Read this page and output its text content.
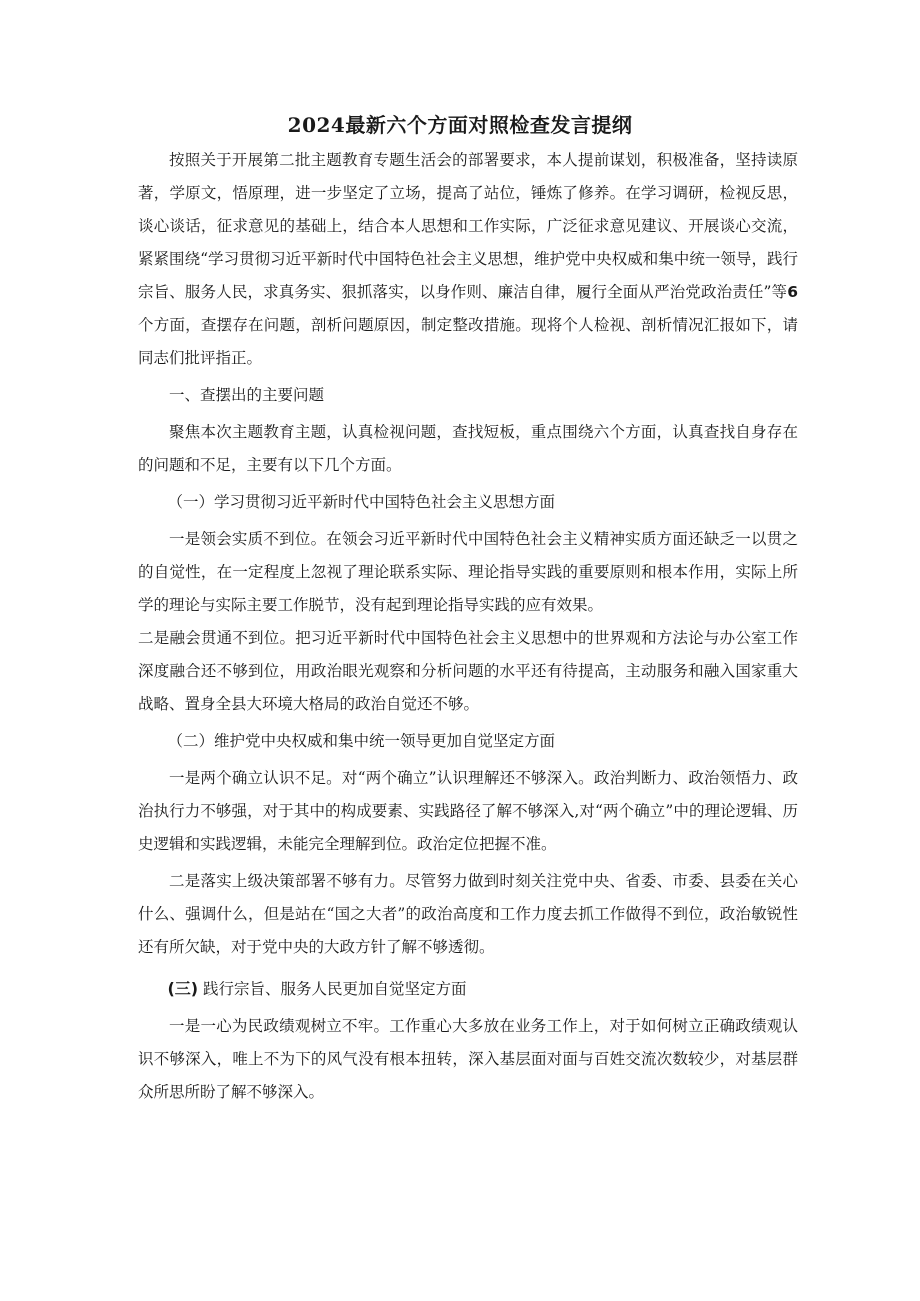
2024最新六个方面对照检查发言提纲

按照关于开展第二批主题教育专题生活会的部署要求，本人提前谋划，积极准备，坚持读原著，学原文，悟原理，进一步坚定了立场，提高了站位，锤炼了修养。在学习调研，检视反思，谈心谈话，征求意见的基础上，结合本人思想和工作实际，广泛征求意见建议、开展谈心交流，紧紧围绕“学习贯彻习近平新时代中国特色社会主义思想，维护党中央权威和集中统一领导，践行宗旨、服务人民，求真务实、狠抓落实，以身作则、廉洁自律，履行全面从严治党政治责任”等6个方面，查摆存在问题，剖析问题原因，制定整改措施。现将个人检视、剖析情况汇报如下，请同志们批评指正。

一、查摆出的主要问题

聚焦本次主题教育主题，认真检视问题，查找短板，重点围绕六个方面，认真查找自身存在的问题和不足，主要有以下几个方面。

（一）学习贯彻习近平新时代中国特色社会主义思想方面

一是领会实质不到位。在领会习近平新时代中国特色社会主义精神实质方面还缺乏一以贯之的自觉性，在一定程度上忽视了理论联系实际、理论指导实践的重要原则和根本作用，实际上所学的理论与实际主要工作脱节，没有起到理论指导实践的应有效果。

二是融会贯通不到位。把习近平新时代中国特色社会主义思想中的世界观和方法论与办公室工作深度融合还不够到位，用政治眼光观察和分析问题的水平还有待提高，主动服务和融入国家重大战略、置身全县大环境大格局的政治自觉还不够。

（二）维护党中央权威和集中统一领导更加自觉坚定方面

一是两个确立认识不足。对“两个确立”认识理解还不够深入。政治判断力、政治领悟力、政治执行力不够强，对于其中的构成要素、实践路径了解不够深入,对“两个确立”中的理论逻辑、历史逻辑和实践逻辑，未能完全理解到位。政治定位把握不准。

二是落实上级决策部署不够有力。尽管努力做到时刻关注党中央、省委、市委、县委在关心什么、强调什么，但是站在“国之大者”的政治高度和工作力度去抓工作做得不到位，政治敏锐性还有所欠缺，对于党中央的大政方针了解不够透彻。

(三) 践行宗旨、服务人民更加自觉坚定方面

一是一心为民政绩观树立不牢。工作重心大多放在业务工作上，对于如何树立正确政绩观认识不够深入，唯上不为下的风气没有根本扭转，深入基层面对面与百姓交流次数较少，对基层群众所思所盼了解不够深入。
